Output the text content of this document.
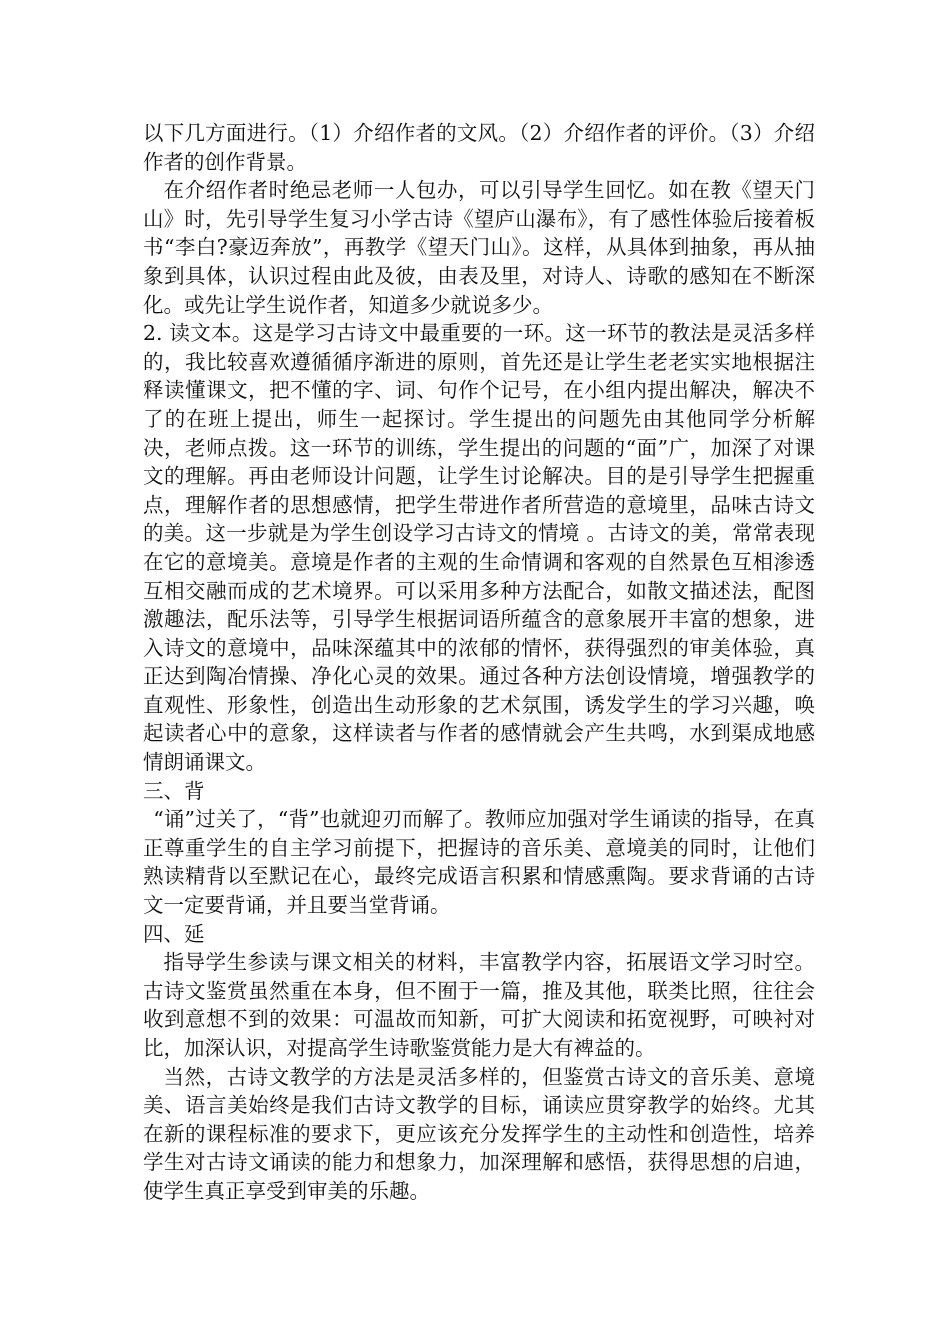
以下几方面进行。（1）介绍作者的文风。（2）介绍作者的评价。（3）介绍作者的创作背景。

在介绍作者时绝忌老师一人包办，可以引导学生回忆。如在教《望天门山》时，先引导学生复习小学古诗《望庐山瀑布》，有了感性体验后接着板书“李白?豪迈奔放”，再教学《望天门山》。这样，从具体到抽象，再从抽象到具体，认识过程由此及彼，由表及里，对诗人、诗歌的感知在不断深化。或先让学生说作者，知道多少就说多少。

2. 读文本。这是学习古诗文中最重要的一环。这一环节的教法是灵活多样的，我比较喜欢遵循循序渐进的原则，首先还是让学生老老实实地根据注释读懂课文，把不懂的字、词、句作个记号，在小组内提出解决，解决不了的在班上提出，师生一起探讨。学生提出的问题先由其他同学分析解决，老师点拨。这一环节的训练，学生提出的问题的“面”广，加深了对课文的理解。再由老师设计问题，让学生讨论解决。目的是引导学生把握重点，理解作者的思想感情，把学生带进作者所营造的意境里，品味古诗文的美。这一步就是为学生创设学习古诗文的情境 。古诗文的美，常常表现在它的意境美。意境是作者的主观的生命情调和客观的自然景色互相渗透互相交融而成的艺术境界。可以采用多种方法配合，如散文描述法，配图激趣法，配乐法等，引导学生根据词语所蕴含的意象展开丰富的想象，进入诗文的意境中，品味深蕴其中的浓郁的情怀，获得强烈的审美体验，真正达到陶冶情操、净化心灵的效果。通过各种方法创设情境，增强教学的直观性、形象性，创造出生动形象的艺术氛围，诱发学生的学习兴趣，唤起读者心中的意象，这样读者与作者的感情就会产生共鸣，水到渠成地感情朗诵课文。

三、背

“诵”过关了，“背”也就迎刃而解了。教师应加强对学生诵读的指导，在真正尊重学生的自主学习前提下，把握诗的音乐美、意境美的同时，让他们熟读精背以至默记在心，最终完成语言积累和情感熏陶。要求背诵的古诗文一定要背诵，并且要当堂背诵。

四、延

指导学生参读与课文相关的材料，丰富教学内容，拓展语文学习时空。古诗文鉴赏虽然重在本身，但不囿于一篇，推及其他，联类比照，往往会收到意想不到的效果：可温故而知新，可扩大阅读和拓宽视野，可映衬对比，加深认识，对提高学生诗歌鉴赏能力是大有裨益的。

当然，古诗文教学的方法是灵活多样的，但鉴赏古诗文的音乐美、意境美、语言美始终是我们古诗文教学的目标，诵读应贯穿教学的始终。尤其在新的课程标准的要求下，更应该充分发挥学生的主动性和创造性，培养学生对古诗文诵读的能力和想象力，加深理解和感悟，获得思想的启迪，使学生真正享受到审美的乐趣。
